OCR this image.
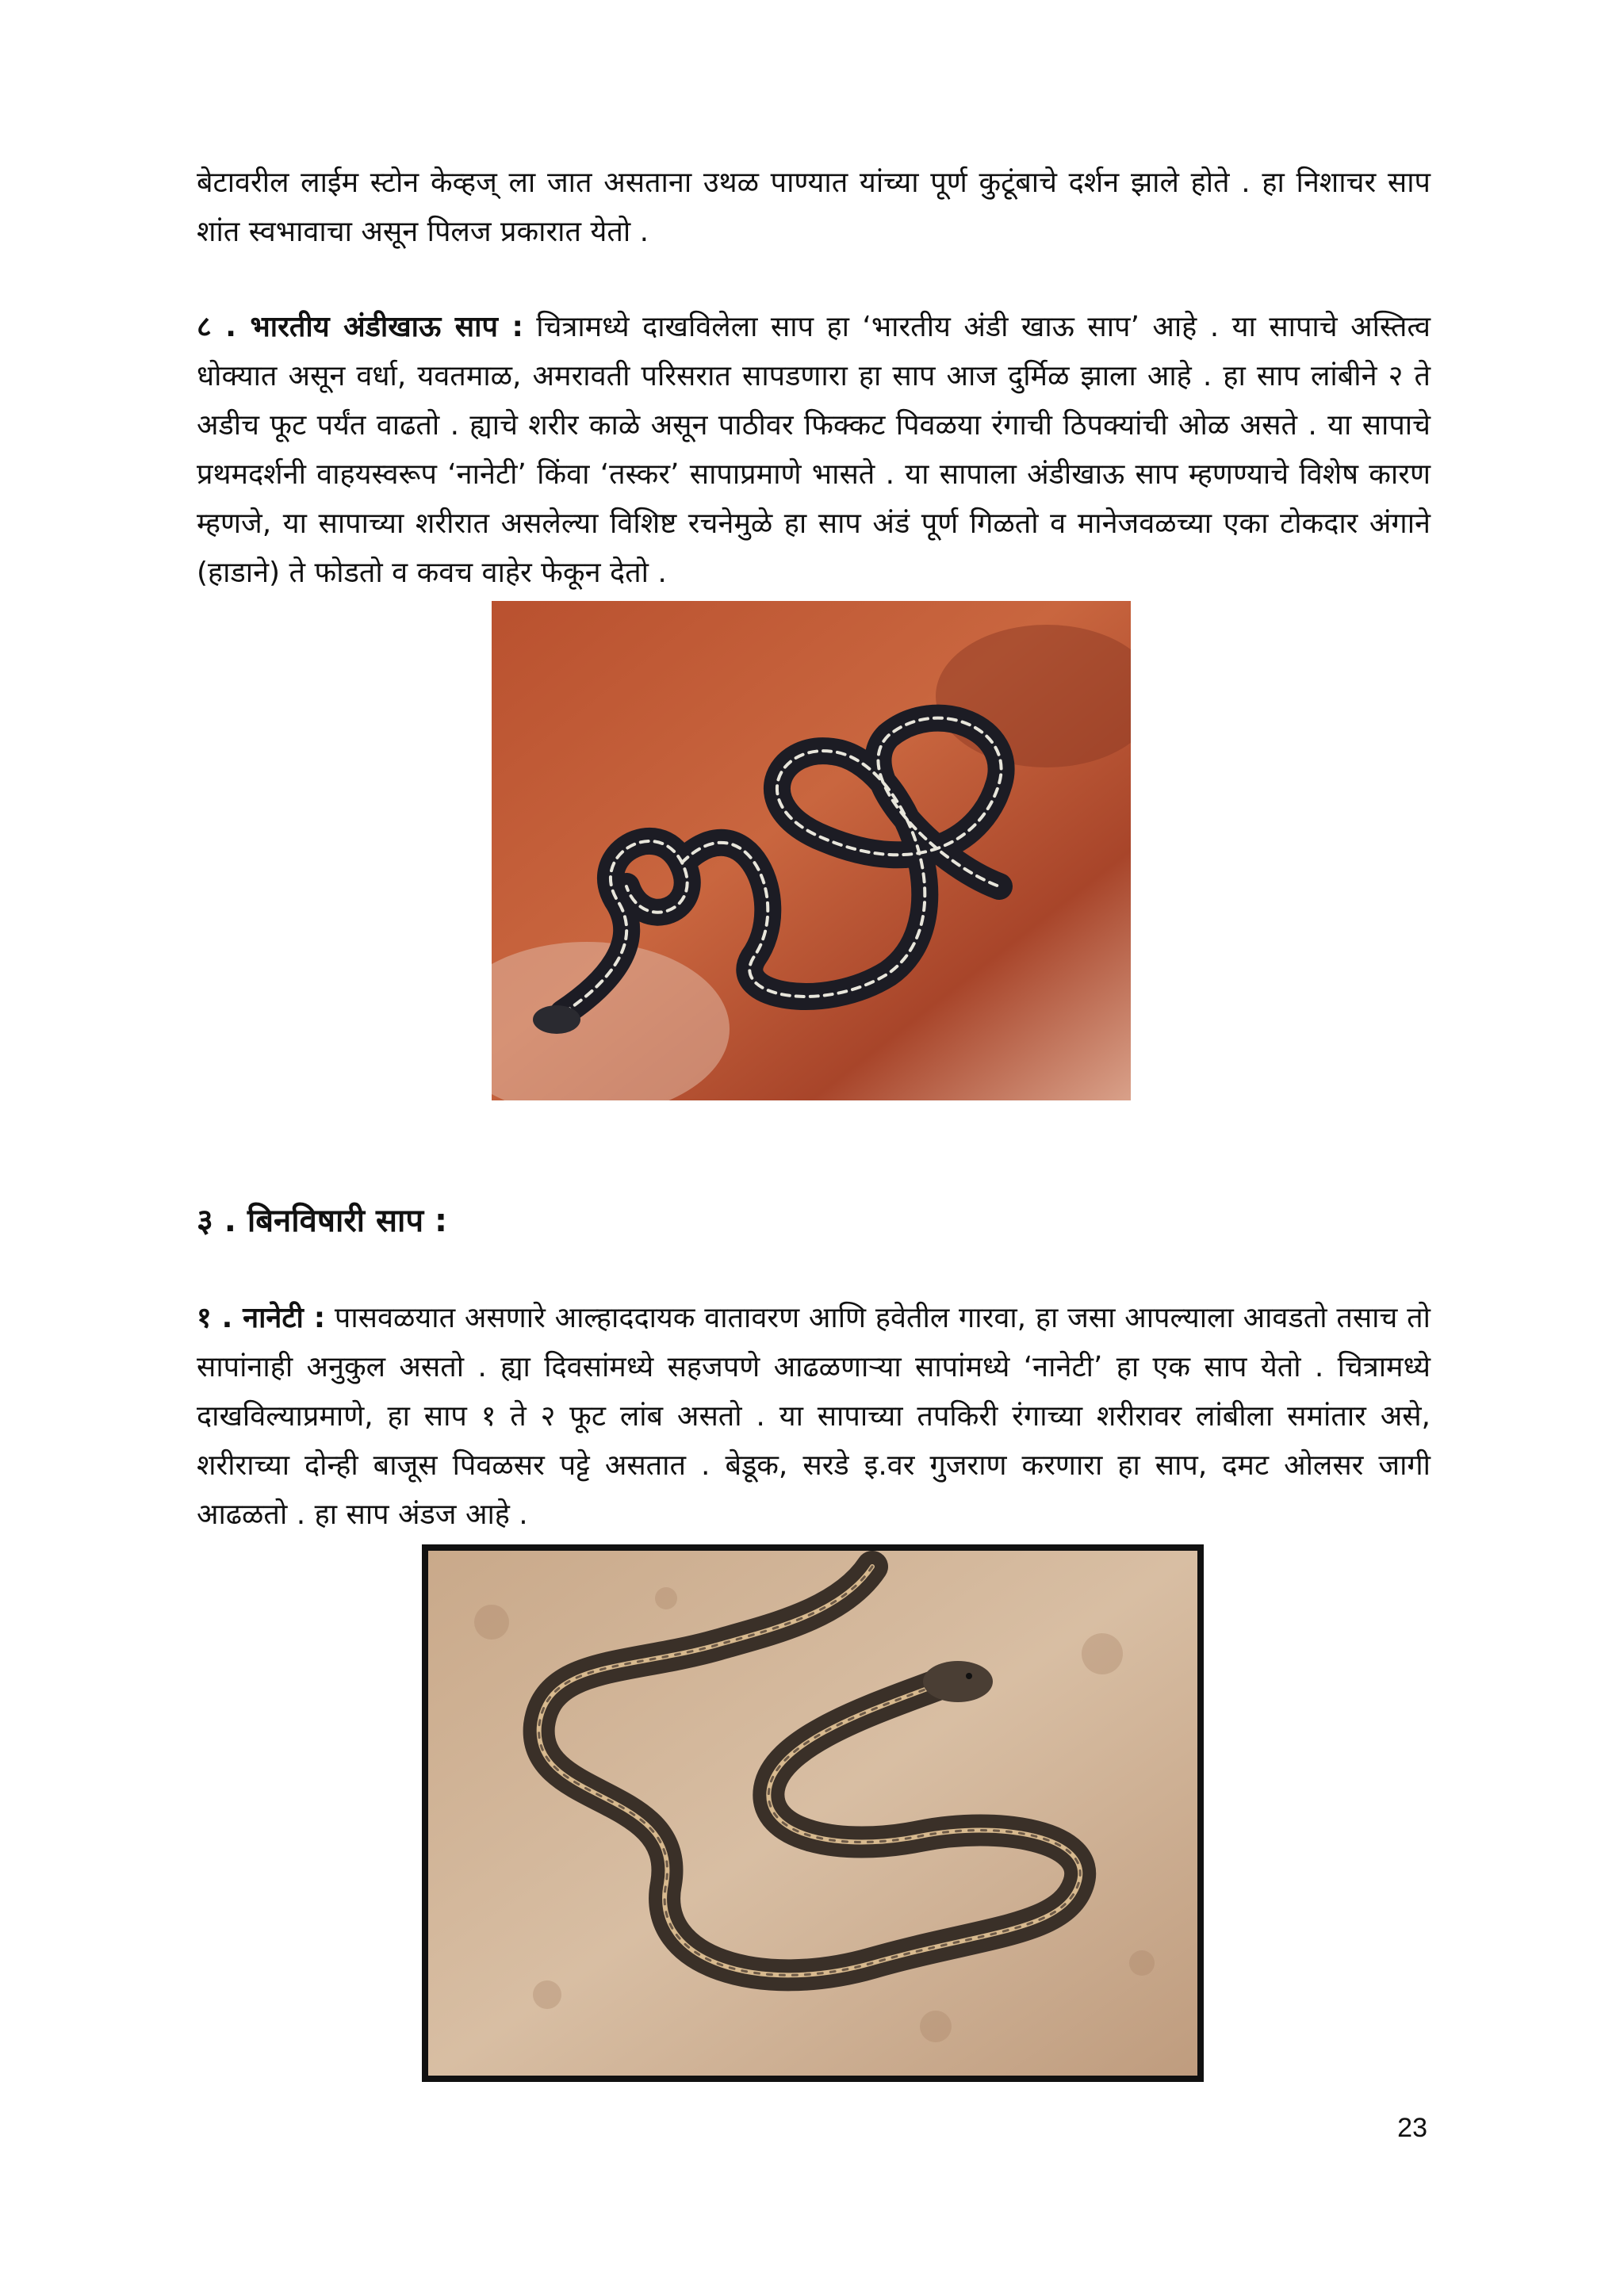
बेटावरील लाईम स्टोन केव्हज् ला जात असताना उथळ पाण्यात यांच्या पूर्ण कुटूंबाचे दर्शन झाले होते . हा निशाचर साप शांत स्वभावाचा असून पिलज प्रकारात येतो .

८ . भारतीय अंडीखाऊ साप : चित्रामध्ये दाखविलेला साप हा ‘भारतीय अंडी खाऊ साप’ आहे . या सापाचे अस्तित्व धोक्यात असून वर्धा, यवतमाळ, अमरावती परिसरात सापडणारा हा साप आज दुर्मिळ झाला आहे . हा साप लांबीने २ ते अडीच फूट पर्यंत वाढतो . ह्याचे शरीर काळे असून पाठीवर फिक्कट पिवळया रंगाची ठिपक्यांची ओळ असते . या सापाचे प्रथमदर्शनी वाहयस्वरूप ‘नानेटी’ किंवा ‘तस्कर’ सापाप्रमाणे भासते . या सापाला अंडीखाऊ साप म्हणण्याचे विशेष कारण म्हणजे, या सापाच्या शरीरात असलेल्या विशिष्ट रचनेमुळे हा साप अंडं पूर्ण गिळतो व मानेजवळच्या एका टोकदार अंगाने (हाडाने) ते फोडतो व कवच वाहेर फेकून देतो .

३ . बिनविषारी साप :

१ . नानेटी : पासवळयात असणारे आल्हाददायक वातावरण आणि हवेतील गारवा, हा जसा आपल्याला आवडतो तसाच तो सापांनाही अनुकुल असतो . ह्या दिवसांमध्ये सहजपणे आढळणाऱ्या सापांमध्ये ‘नानेटी’ हा एक साप येतो . चित्रामध्ये दाखविल्याप्रमाणे, हा साप १ ते २ फूट लांब असतो . या सापाच्या तपकिरी रंगाच्या शरीरावर लांबीला समांतार असे, शरीराच्या दोन्ही बाजूस पिवळसर पट्टे असतात . बेडूक, सरडे इ.वर गुजराण करणारा हा साप, दमट ओलसर जागी आढळतो . हा साप अंडज आहे .

23
